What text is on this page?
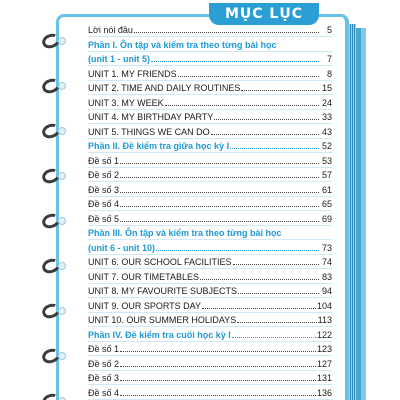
MỤC LỤC
Lời nói đầu	5
Phần I. Ôn tập và kiểm tra theo từng bài học
(unit 1 - unit 5)	7
UNIT 1. MY FRIENDS	8
UNIT 2. TIME AND DAILY ROUTINES	15
UNIT 3. MY WEEK	24
UNIT 4. MY BIRTHDAY PARTY	33
UNIT 5. THINGS WE CAN DO	43
Phần II. Đề kiểm tra giữa học kỳ I	52
Đề số 1	53
Đề số 2	57
Đề số 3	61
Đề số 4	65
Đề số 5	69
Phần III. Ôn tập và kiểm tra theo từng bài học
(unit 6 - unit 10)	73
UNIT 6. OUR SCHOOL FACILITIES	74
UNIT 7. OUR TIMETABLES	83
UNIT 8. MY FAVOURITE SUBJECTS	94
UNIT 9. OUR SPORTS DAY	104
UNIT 10. OUR SUMMER HOLIDAYS	113
Phần IV. Đề kiểm tra cuối học kỳ I	122
Đề số 1	123
Đề số 2	127
Đề số 3	131
Đề số 4	136
